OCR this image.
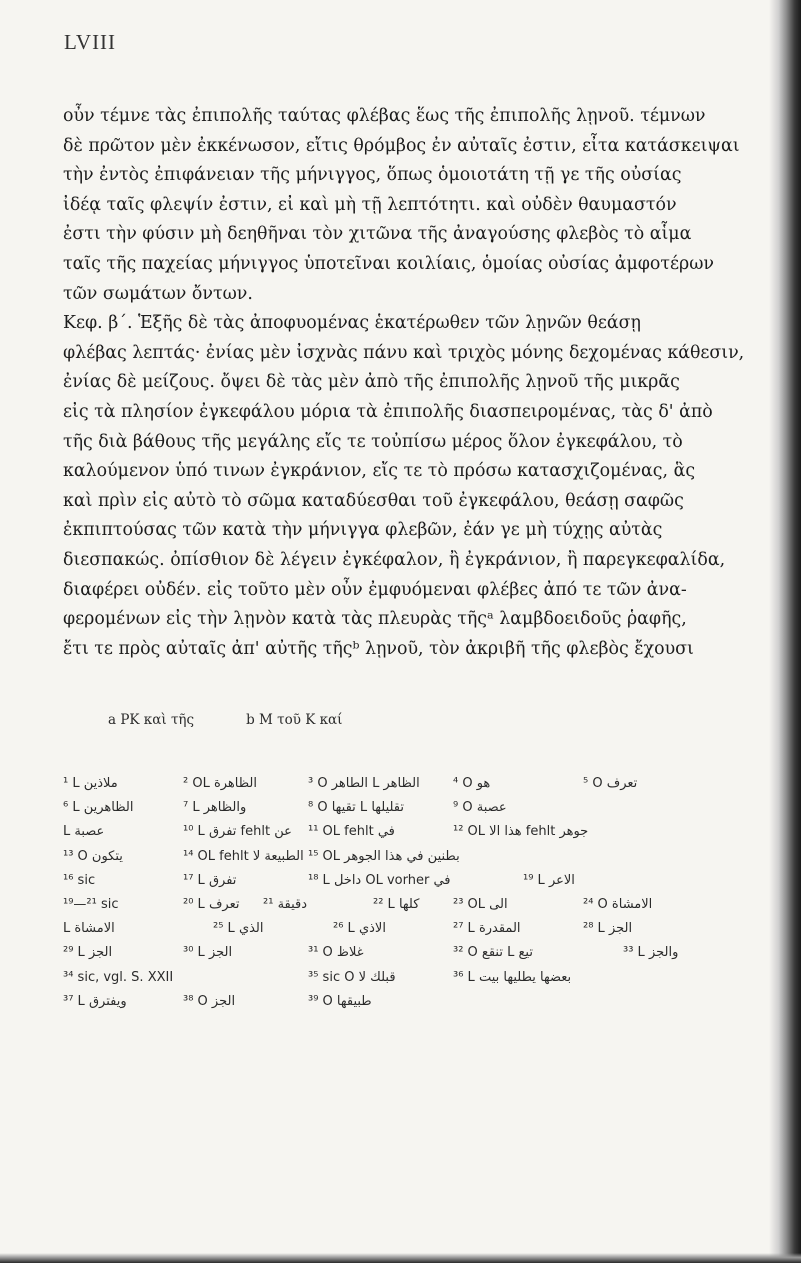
LVIII

οὖν τέμνε τὰς ἐπιπολῆς ταύτας φλέβας ἕως τῆς ἐπιπολῆς λῃνοῦ. τέμνων

δὲ πρῶτον μὲν ἐκκένωσον, εἴτις θρόμβος ἐν αὐταῖς ἐστιν, εἶτα κατάσκειψαι

τὴν ἐντὸς ἐπιφάνειαν τῆς μήνιγγος, ὅπως ὁμοιοτάτη τῇ γε τῆς οὐσίας

ἰδέᾳ ταῖς φλεψίν ἐστιν, εἰ καὶ μὴ τῇ λεπτότητι. καὶ οὐδὲν θαυμαστόν

ἐστι τὴν φύσιν μὴ δεηθῆναι τὸν χιτῶνα τῆς ἀναγούσης φλεβὸς τὸ αἷμα

ταῖς τῆς παχείας μήνιγγος ὑποτεῖναι κοιλίαις, ὁμοίας οὐσίας ἀμφοτέρων

τῶν σωμάτων ὄντων.

Κεφ. β΄. Ἑξῆς δὲ τὰς ἀποφυομένας ἑκατέρωθεν τῶν λῃνῶν θεάσῃ

φλέβας λεπτάς· ἐνίας μὲν ἰσχνὰς πάνυ καὶ τριχὸς μόνης δεχομένας κάθεσιν,

ἐνίας δὲ μείζους. ὄψει δὲ τὰς μὲν ἀπὸ τῆς ἐπιπολῆς λῃνοῦ τῆς μικρᾶς

εἰς τὰ πλησίον ἐγκεφάλου μόρια τὰ ἐπιπολῆς διασπειρομένας, τὰς δ' ἀπὸ

τῆς διὰ βάθους τῆς μεγάλης εἴς τε τοὐπίσω μέρος ὅλον ἐγκεφάλου, τὸ

καλούμενον ὑπό τινων ἐγκράνιον, εἴς τε τὸ πρόσω κατασχιζομένας, ἃς

καὶ πρὶν εἰς αὐτὸ τὸ σῶμα καταδύεσθαι τοῦ ἐγκεφάλου, θεάσῃ σαφῶς

ἐκπιπτούσας τῶν κατὰ τὴν μήνιγγα φλεβῶν, ἐάν γε μὴ τύχῃς αὐτὰς

διεσπακώς. ὀπίσθιον δὲ λέγειν ἐγκέφαλον, ἢ ἐγκράνιον, ἢ παρεγκεφαλίδα,

διαφέρει οὐδέν. εἰς τοῦτο μὲν οὖν ἐμφυόμεναι φλέβες ἀπό τε τῶν ἀνα-

φερομένων εἰς τὴν λῃνὸν κατὰ τὰς πλευρὰς τῆςᵃ λαμβδοειδοῦς ῥαφῆς,

ἔτι τε πρὸς αὐταῖς ἀπ' αὐτῆς τῆςᵇ λῃνοῦ, τὸν ἀκριβῆ τῆς φλεβὸς ἔχουσι

a PK καὶ τῆς	b M τοῦ K καί
¹ L ملاذين	² OL الظاهرة	³ O الطاهر L الظاهر	⁴ O هو	⁵ O تعرف
⁶ L الظاهرين	⁷ L والظاهر	⁸ O تقيها L تقليلها	⁹ O عصبة
L عصبة	¹⁰ L تفرق fehlt عن ¹¹ OL fehlt في	¹² OL الا هذا fehlt جوهر
¹³ O يتكون	¹⁴ OL fehlt لا الطبيعة ¹⁵ OL الجوهر هذا في بطنين
¹⁶ sic	¹⁷ L تفرق	¹⁸ L داخل OL vorher في	¹⁹ L الاعر
¹⁹—²¹ sic	²⁰ L تعرف ²¹ دقيقة	²² L كلها	²³ OL الى	²⁴ O الامشاة
L الامشاة	²⁵ L الذي	²⁶ L الاذي	²⁷ L المقدرة	²⁸ L الجز
²⁹ L الجز	³⁰ L الجز	³¹ O غلاظ	³² O تنقع L تيع	³³ L والجز
³⁴ sic, vgl. S. XXII	³⁵ sic O لا قبلك	³⁶ L بيت يطليها بعضها
³⁷ L ويفترق	³⁸ O الجز	³⁹ O طبيقها
